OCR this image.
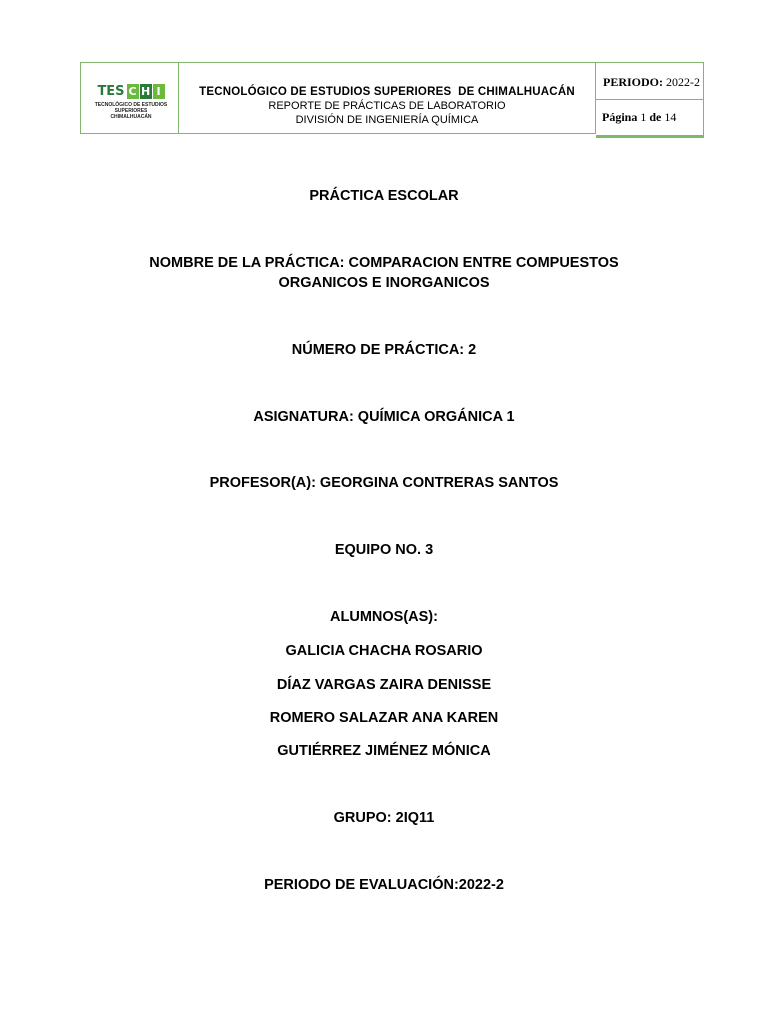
TES C H I
TECNOLÓGICO DE ESTUDIOS SUPERIORES
CHIMALHUACÁN
TECNOLÓGICO DE ESTUDIOS SUPERIORES  DE CHIMALHUACÁN
REPORTE DE PRÁCTICAS DE LABORATORIO
DIVISIÓN DE INGENIERÍA QUÍMICA
PERIODO: 2022-2
Página 1 de 14
PRÁCTICA ESCOLAR
NOMBRE DE LA PRÁCTICA: COMPARACION ENTRE COMPUESTOS
ORGANICOS E INORGANICOS
NÚMERO DE PRÁCTICA: 2
ASIGNATURA: QUÍMICA ORGÁNICA 1
PROFESOR(A): GEORGINA CONTRERAS SANTOS
EQUIPO NO. 3
ALUMNOS(AS):
GALICIA CHACHA ROSARIO
DÍAZ VARGAS ZAIRA DENISSE
ROMERO SALAZAR ANA KAREN
GUTIÉRREZ JIMÉNEZ MÓNICA
GRUPO: 2IQ11
PERIODO DE EVALUACIÓN:2022-2
